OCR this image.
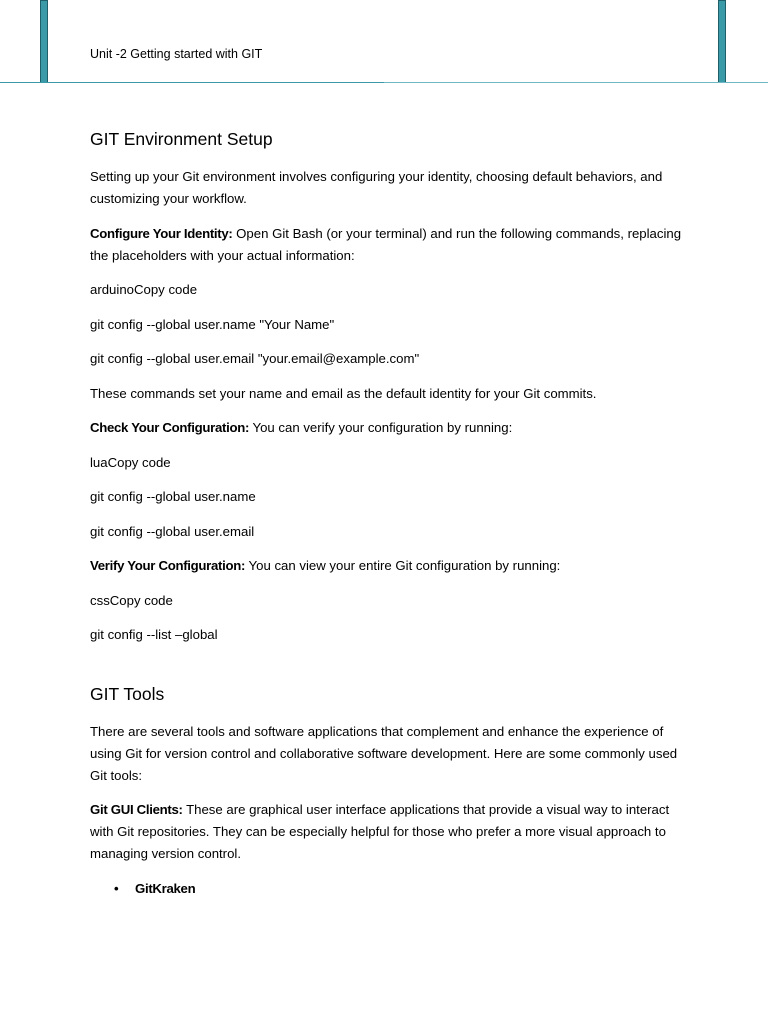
Unit -2 Getting started with GIT
GIT Environment Setup

Setting up your Git environment involves configuring your identity, choosing default behaviors, and customizing your workflow.

Configure Your Identity: Open Git Bash (or your terminal) and run the following commands, replacing the placeholders with your actual information:

arduinoCopy code

git config --global user.name "Your Name"

git config --global user.email "your.email@example.com"

These commands set your name and email as the default identity for your Git commits.

Check Your Configuration: You can verify your configuration by running:

luaCopy code

git config --global user.name

git config --global user.email

Verify Your Configuration: You can view your entire Git configuration by running:

cssCopy code

git config --list –global

GIT Tools

There are several tools and software applications that complement and enhance the experience of using Git for version control and collaborative software development. Here are some commonly used Git tools:

Git GUI Clients: These are graphical user interface applications that provide a visual way to interact with Git repositories. They can be especially helpful for those who prefer a more visual approach to managing version control.

• GitKraken
